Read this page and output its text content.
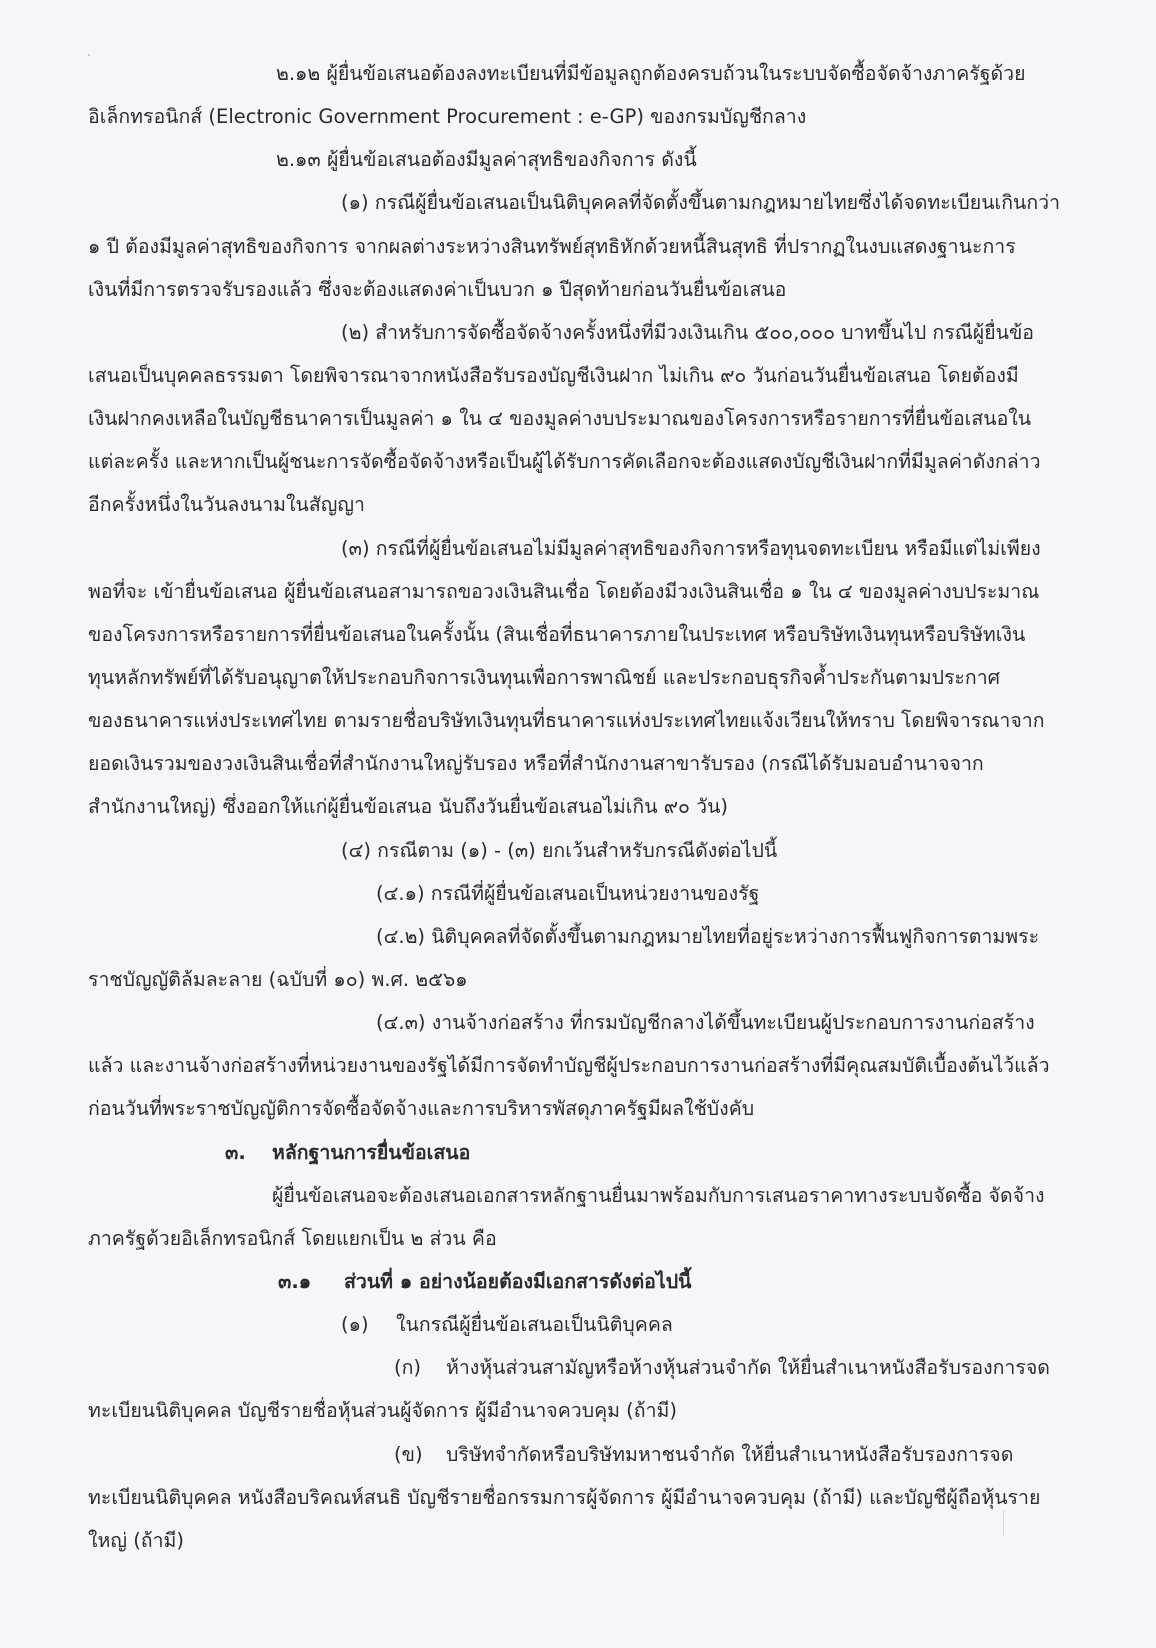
๒.๑๒ ผู้ยื่นข้อเสนอต้องลงทะเบียนที่มีข้อมูลถูกต้องครบถ้วนในระบบจัดซื้อจัดจ้างภาครัฐด้วย
อิเล็กทรอนิกส์ (Electronic Government Procurement : e-GP) ของกรมบัญชีกลาง
๒.๑๓ ผู้ยื่นข้อเสนอต้องมีมูลค่าสุทธิของกิจการ ดังนี้
(๑) กรณีผู้ยื่นข้อเสนอเป็นนิติบุคคลที่จัดตั้งขึ้นตามกฎหมายไทยซึ่งได้จดทะเบียนเกินกว่า
๑ ปี ต้องมีมูลค่าสุทธิของกิจการ จากผลต่างระหว่างสินทรัพย์สุทธิหักด้วยหนี้สินสุทธิ ที่ปรากฏในงบแสดงฐานะการ
เงินที่มีการตรวจรับรองแล้ว ซึ่งจะต้องแสดงค่าเป็นบวก ๑ ปีสุดท้ายก่อนวันยื่นข้อเสนอ
(๒) สำหรับการจัดซื้อจัดจ้างครั้งหนึ่งที่มีวงเงินเกิน ๕๐๐,๐๐๐ บาทขึ้นไป กรณีผู้ยื่นข้อ
เสนอเป็นบุคคลธรรมดา โดยพิจารณาจากหนังสือรับรองบัญชีเงินฝาก ไม่เกิน ๙๐ วันก่อนวันยื่นข้อเสนอ โดยต้องมี
เงินฝากคงเหลือในบัญชีธนาคารเป็นมูลค่า ๑ ใน ๔ ของมูลค่างบประมาณของโครงการหรือรายการที่ยื่นข้อเสนอใน
แต่ละครั้ง และหากเป็นผู้ชนะการจัดซื้อจัดจ้างหรือเป็นผู้ได้รับการคัดเลือกจะต้องแสดงบัญชีเงินฝากที่มีมูลค่าดังกล่าว
อีกครั้งหนึ่งในวันลงนามในสัญญา
(๓) กรณีที่ผู้ยื่นข้อเสนอไม่มีมูลค่าสุทธิของกิจการหรือทุนจดทะเบียน หรือมีแต่ไม่เพียง
พอที่จะ เข้ายื่นข้อเสนอ ผู้ยื่นข้อเสนอสามารถขอวงเงินสินเชื่อ โดยต้องมีวงเงินสินเชื่อ ๑ ใน ๔ ของมูลค่างบประมาณ
ของโครงการหรือรายการที่ยื่นข้อเสนอในครั้งนั้น (สินเชื่อที่ธนาคารภายในประเทศ หรือบริษัทเงินทุนหรือบริษัทเงิน
ทุนหลักทรัพย์ที่ได้รับอนุญาตให้ประกอบกิจการเงินทุนเพื่อการพาณิชย์ และประกอบธุรกิจค้ำประกันตามประกาศ
ของธนาคารแห่งประเทศไทย ตามรายชื่อบริษัทเงินทุนที่ธนาคารแห่งประเทศไทยแจ้งเวียนให้ทราบ โดยพิจารณาจาก
ยอดเงินรวมของวงเงินสินเชื่อที่สำนักงานใหญ่รับรอง หรือที่สำนักงานสาขารับรอง (กรณีได้รับมอบอำนาจจาก
สำนักงานใหญ่) ซึ่งออกให้แก่ผู้ยื่นข้อเสนอ นับถึงวันยื่นข้อเสนอไม่เกิน ๙๐ วัน)
(๔) กรณีตาม (๑) - (๓) ยกเว้นสำหรับกรณีดังต่อไปนี้
(๔.๑) กรณีที่ผู้ยื่นข้อเสนอเป็นหน่วยงานของรัฐ
(๔.๒) นิติบุคคลที่จัดตั้งขึ้นตามกฎหมายไทยที่อยู่ระหว่างการฟื้นฟูกิจการตามพระ
ราชบัญญัติล้มละลาย (ฉบับที่ ๑๐) พ.ศ. ๒๕๖๑
(๔.๓) งานจ้างก่อสร้าง ที่กรมบัญชีกลางได้ขึ้นทะเบียนผู้ประกอบการงานก่อสร้าง
แล้ว และงานจ้างก่อสร้างที่หน่วยงานของรัฐได้มีการจัดทำบัญชีผู้ประกอบการงานก่อสร้างที่มีคุณสมบัติเบื้องต้นไว้แล้ว
ก่อนวันที่พระราชบัญญัติการจัดซื้อจัดจ้างและการบริหารพัสดุภาครัฐมีผลใช้บังคับ
๓. หลักฐานการยื่นข้อเสนอ
ผู้ยื่นข้อเสนอจะต้องเสนอเอกสารหลักฐานยื่นมาพร้อมกับการเสนอราคาทางระบบจัดซื้อ จัดจ้าง
ภาครัฐด้วยอิเล็กทรอนิกส์ โดยแยกเป็น ๒ ส่วน คือ
๓.๑ ส่วนที่ ๑ อย่างน้อยต้องมีเอกสารดังต่อไปนี้
(๑) ในกรณีผู้ยื่นข้อเสนอเป็นนิติบุคคล
(ก) ห้างหุ้นส่วนสามัญหรือห้างหุ้นส่วนจำกัด ให้ยื่นสำเนาหนังสือรับรองการจด
ทะเบียนนิติบุคคล บัญชีรายชื่อหุ้นส่วนผู้จัดการ ผู้มีอำนาจควบคุม (ถ้ามี)
(ข) บริษัทจำกัดหรือบริษัทมหาชนจำกัด ให้ยื่นสำเนาหนังสือรับรองการจด
ทะเบียนนิติบุคคล หนังสือบริคณห์สนธิ บัญชีรายชื่อกรรมการผู้จัดการ ผู้มีอำนาจควบคุม (ถ้ามี) และบัญชีผู้ถือหุ้นราย
ใหญ่ (ถ้ามี)
